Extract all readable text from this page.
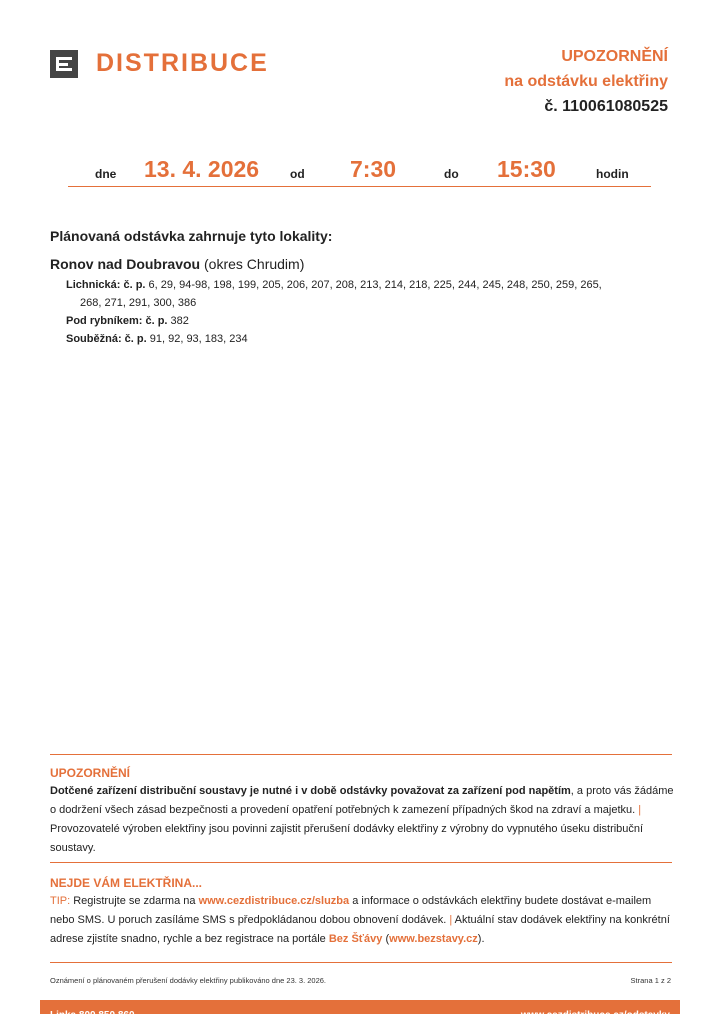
DISTRIBUCE	UPOZORNĚNÍ
na odstávku elektřiny
č. 110061080525
dne 13. 4. 2026	od 7:30	do 15:30	hodin
Plánovaná odstávka zahrnuje tyto lokality:
Ronov nad Doubravou (okres Chrudim)
Lichnická: č. p. 6, 29, 94-98, 198, 199, 205, 206, 207, 208, 213, 214, 218, 225, 244, 245, 248, 250, 259, 265,
268, 271, 291, 300, 386
Pod rybníkem: č. p. 382
Souběžná: č. p. 91, 92, 93, 183, 234
UPOZORNĚNÍ
Dotčené zařízení distribuční soustavy je nutné i v době odstávky považovat za zařízení pod napětím, a proto vás žádáme o dodržení všech zásad bezpečnosti a provedení opatření potřebných k zamezení případných škod na zdraví a majetku. | Provozovatelé výroben elektřiny jsou povinni zajistit přerušení dodávky elektřiny z výrobny do vypnutého úseku distribuční soustavy.
NEJDE VÁM ELEKTŘINA...
TIP: Registrujte se zdarma na www.cezdistribuce.cz/sluzba a informace o odstávkách elektřiny budete dostávat e-mailem nebo SMS. U poruch zasíláme SMS s předpokládanou dobou obnovení dodávek. | Aktuální stav dodávek elektřiny na konkrétní adrese zjistíte snadno, rychle a bez registrace na portále Bez Šťávy (www.bezstavy.cz).
Oznámení o plánovaném přerušení dodávky elektřiny publikováno dne 23. 3. 2026.	Strana 1 z 2
Linka 800 850 860	www.cezdistribuce.cz/odstavky
